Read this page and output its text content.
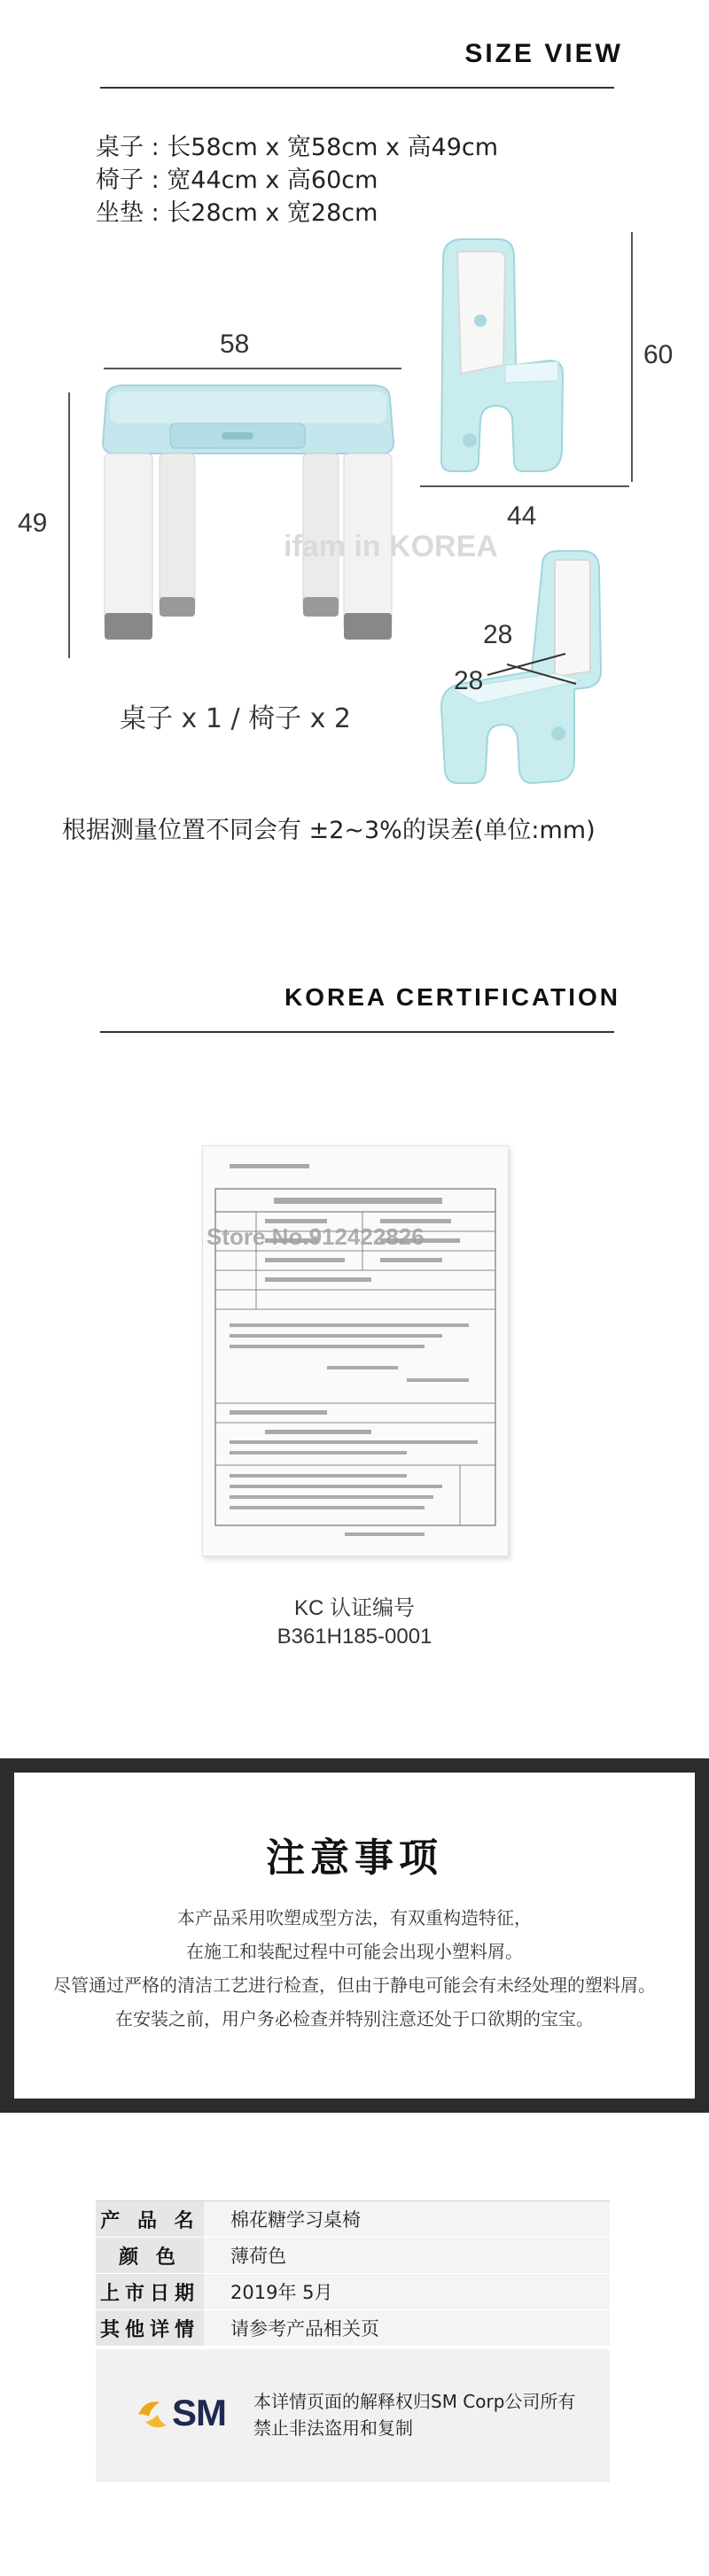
SIZE VIEW
桌子 : 长58cm x 宽58cm x 高49cm
椅子 : 宽44cm x 高60cm
坐垫 : 长28cm x 宽28cm
58
49
ifam in KOREA
桌子 x 1 / 椅子 x 2
60
44
28
28
根据测量位置不同会有 ±2~3%的误差(单位:mm)
KOREA CERTIFICATION
Store No.912422826
KC 认证编号
B361H185-0001
注意事项
本产品采用吹塑成型方法，有双重构造特征，
在施工和装配过程中可能会出现小塑料屑。
尽管通过严格的清洁工艺进行检查，但由于静电可能会有未经处理的塑料屑。
在安装之前，用户务必检查并特别注意还处于口欲期的宝宝。
产 品 名	棉花糖学习桌椅
颜 色	薄荷色
上市日期	2019年 5月
其他详情	请参考产品相关页
SM 本详情页面的解释权归SM Corp公司所有
禁止非法盗用和复制
